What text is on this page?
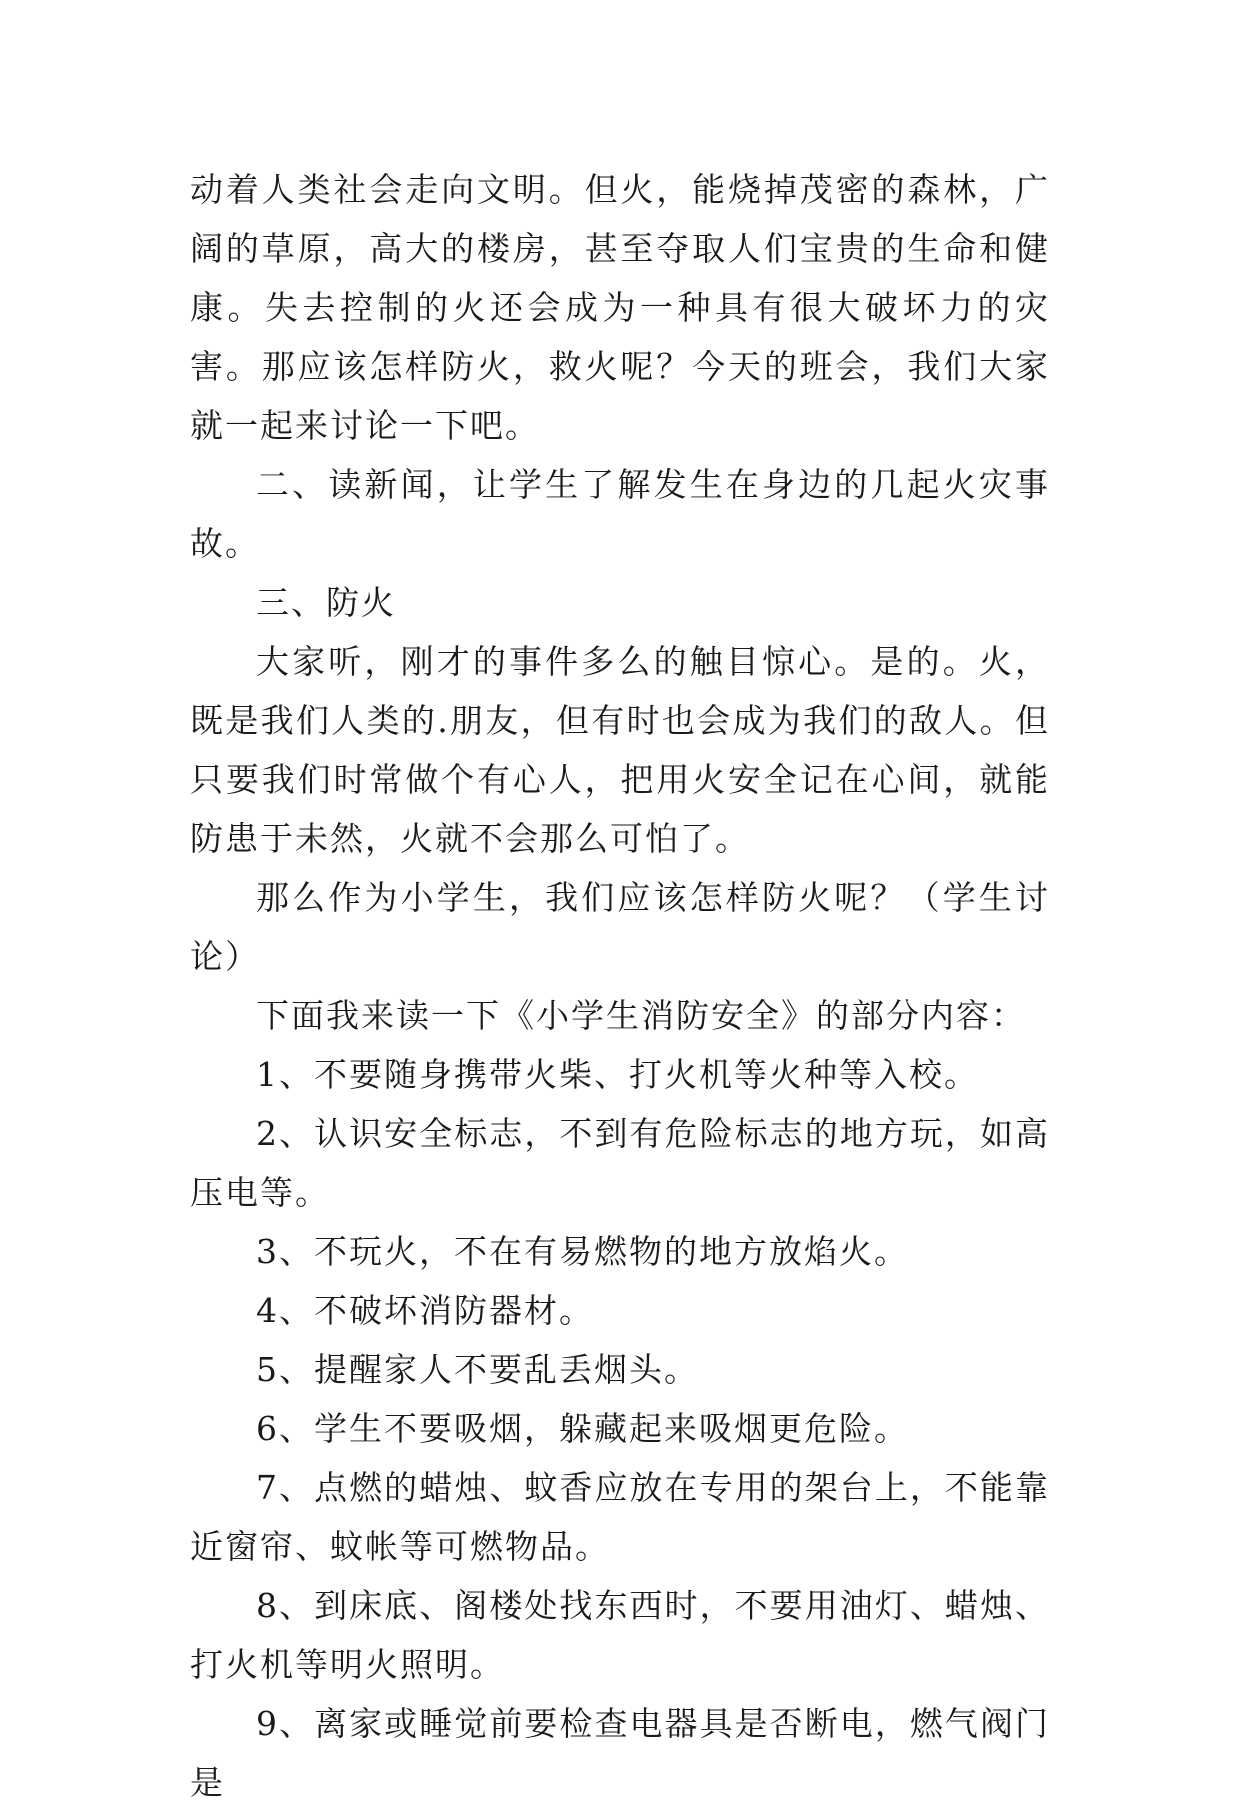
动着人类社会走向文明。但火，能烧掉茂密的森林，广阔的草原，高大的楼房，甚至夺取人们宝贵的生命和健康。失去控制的火还会成为一种具有很大破坏力的灾害。那应该怎样防火，救火呢？今天的班会，我们大家就一起来讨论一下吧。

二、读新闻，让学生了解发生在身边的几起火灾事故。

三、防火

大家听，刚才的事件多么的触目惊心。是的。火，既是我们人类的.朋友，但有时也会成为我们的敌人。但只要我们时常做个有心人，把用火安全记在心间，就能防患于未然，火就不会那么可怕了。

那么作为小学生，我们应该怎样防火呢？（学生讨论）

下面我来读一下《小学生消防安全》的部分内容：

1、不要随身携带火柴、打火机等火种等入校。

2、认识安全标志，不到有危险标志的地方玩，如高压电等。

3、不玩火，不在有易燃物的地方放焰火。

4、不破坏消防器材。

5、提醒家人不要乱丢烟头。

6、学生不要吸烟，躲藏起来吸烟更危险。

7、点燃的蜡烛、蚊香应放在专用的架台上，不能靠近窗帘、蚊帐等可燃物品。

8、到床底、阁楼处找东西时，不要用油灯、蜡烛、打火机等明火照明。

9、离家或睡觉前要检查电器具是否断电，燃气阀门是
